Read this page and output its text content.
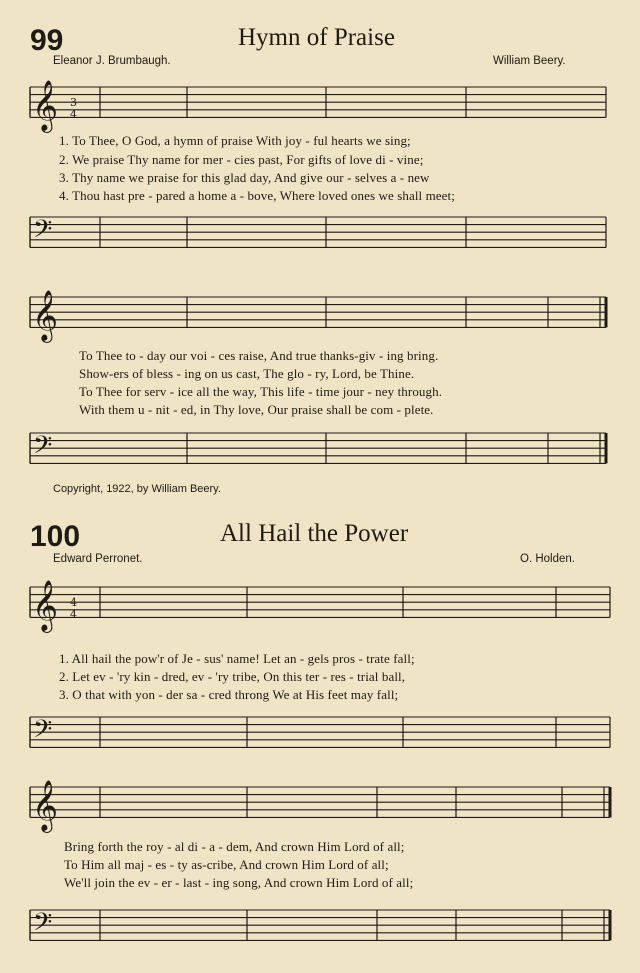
99	Hymn of Praise
Eleanor J. Brumbaugh.	William Beery.
𝄞 3
4
1. To Thee, O God, a hymn of praise With joy - ful hearts we sing;
2. We praise Thy name for mer - cies past, For gifts of love di - vine;
3. Thy name we praise for this glad day, And give our - selves a - new
4. Thou hast pre - pared a home a - bove, Where loved ones we shall meet;
𝄢
𝄞
To Thee to - day our voi - ces raise, And true thanks-giv - ing bring.
Show-ers of bless - ing on us cast, The glo - ry, Lord, be Thine.
To Thee for serv - ice all the way, This life - time jour - ney through.
With them u - nit - ed, in Thy love, Our praise shall be com - plete.
𝄢
Copyright, 1922, by William Beery.
100	All Hail the Power
Edward Perronet.	O. Holden.
𝄞 4
4
1. All hail the pow'r of Je - sus' name! Let an - gels pros - trate fall;
2. Let ev - 'ry kin - dred, ev - 'ry tribe, On this ter - res - trial ball,
3. O that with yon - der sa - cred throng We at His feet may fall;
𝄢
𝄞
Bring forth the roy - al di - a - dem, And crown Him Lord of all;
To Him all maj - es - ty as-cribe, And crown Him Lord of all;
We'll join the ev - er - last - ing song, And crown Him Lord of all;
𝄢
